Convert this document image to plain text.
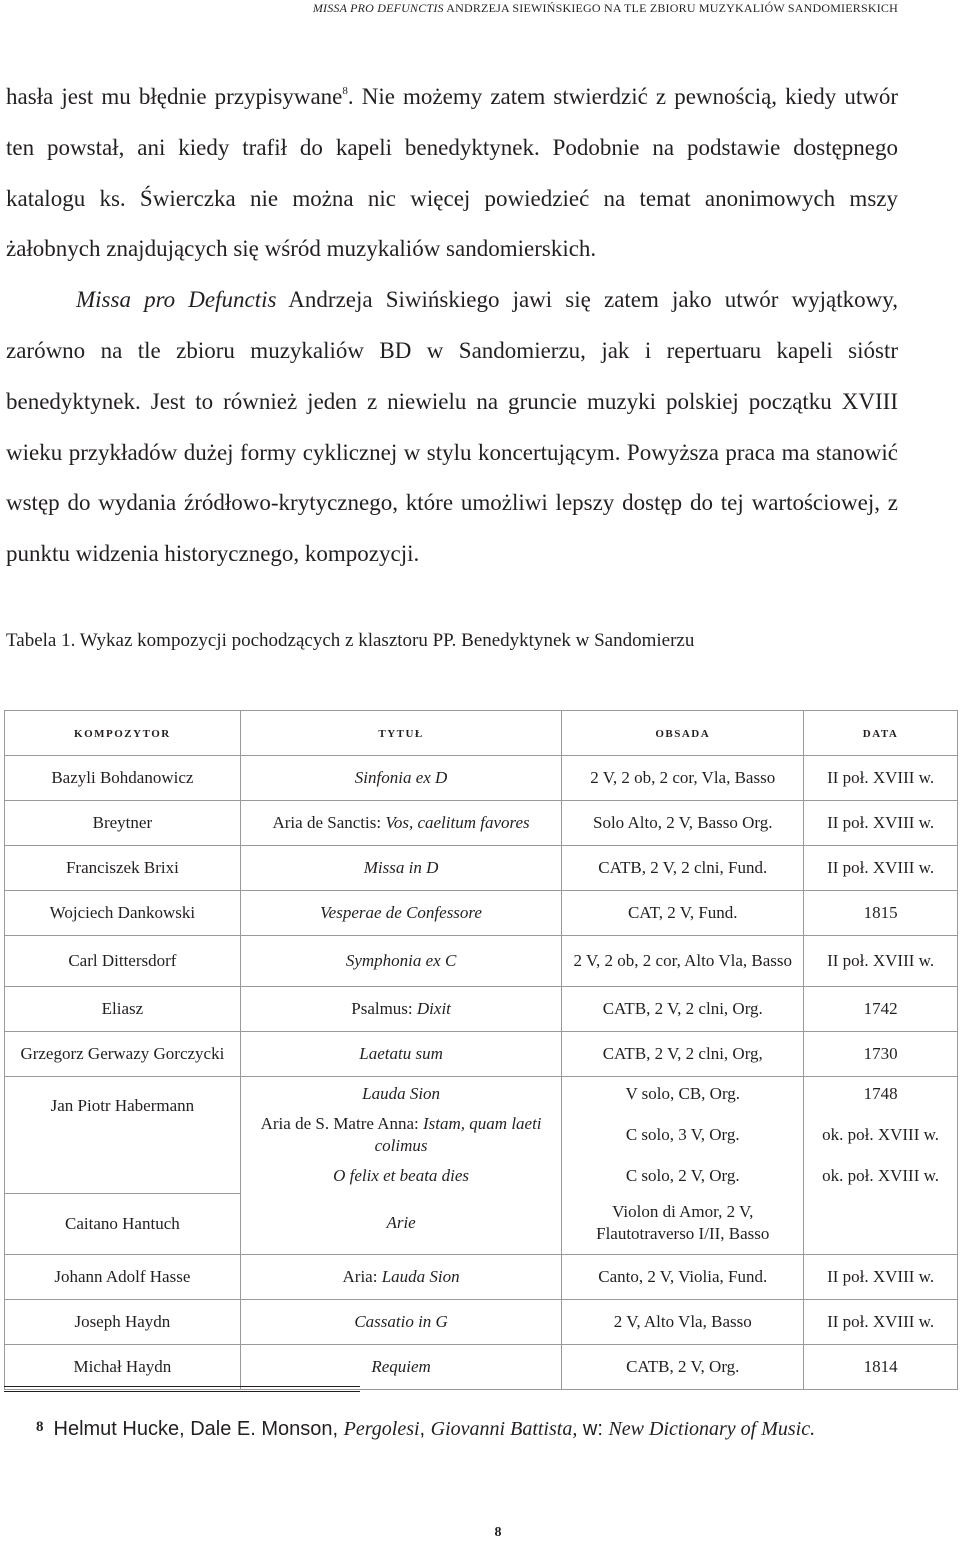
MISSA PRO DEFUNCTIS ANDRZEJA SIEWIŃSKIEGO NA TLE ZBIORU MUZYKALIÓW SANDOMIERSKICH

hasła jest mu błędnie przypisywane$^8$. Nie możemy zatem stwierdzić z pewnością, kiedy utwór ten powstał, ani kiedy trafił do kapeli benedyktynek. Podobnie na podstawie dostępnego katalogu ks. Świerczka nie można nic więcej powiedzieć na temat anonimowych mszy żałobnych znajdujących się wśród muzykaliów sandomierskich.

Missa pro Defunctis Andrzeja Siwińskiego jawi się zatem jako utwór wyjątkowy, zarówno na tle zbioru muzykaliów BD w Sandomierzu, jak i repertuaru kapeli sióstr benedyktynek. Jest to również jeden z niewielu na gruncie muzyki polskiej początku XVIII wieku przykładów dużej formy cyklicznej w stylu koncertującym. Powyższa praca ma stanowić wstęp do wydania źródłowo-krytycznego, które umożliwi lepszy dostęp do tej wartościowej, z punktu widzenia historycznego, kompozycji.

Tabela 1. Wykaz kompozycji pochodzących z klasztoru PP. Benedyktynek w Sandomierzu
kompozytor	tytuł	obsada	data
Bazyli Bohdanowicz	Sinfonia ex D	2 V, 2 ob, 2 cor, Vla, Basso	II poł. XVIII w.
Breytner	Aria de Sanctis: Vos, caelitum favores	Solo Alto, 2 V, Basso Org.	II poł. XVIII w.
Franciszek Brixi	Missa in D	CATB, 2 V, 2 clni, Fund.	II poł. XVIII w.
Wojciech Dankowski	Vesperae de Confessore	CAT, 2 V, Fund.	1815
Carl Dittersdorf	Symphonia ex C	2 V, 2 ob, 2 cor, Alto Vla, Basso	II poł. XVIII w.
Eliasz	Psalmus: Dixit	CATB, 2 V, 2 clni, Org.	1742
Grzegorz Gerwazy Gorczycki	Laetatu sum	CATB, 2 V, 2 clni, Org,	1730
Jan Piotr Habermann	Lauda Sion	V solo, CB, Org.	1748
	Aria de S. Matre Anna: Istam, quam laeti colimus	C solo, 3 V, Org.	ok. poł. XVIII w.
	O felix et beata dies	C solo, 2 V, Org.	ok. poł. XVIII w.
Caitano Hantuch	Arie	Violon di Amor, 2 V, Flautotraverso I/II, Basso	
Johann Adolf Hasse	Aria: Lauda Sion	Canto, 2 V, Violia, Fund.	II poł. XVIII w.
Joseph Haydn	Cassatio in G	2 V, Alto Vla, Basso	II poł. XVIII w.
Michał Haydn	Requiem	CATB, 2 V, Org.	1814
$^8$ Helmut Hucke, Dale E. Monson, Pergolesi, Giovanni Battista, w: New Dictionary of Music.
8
